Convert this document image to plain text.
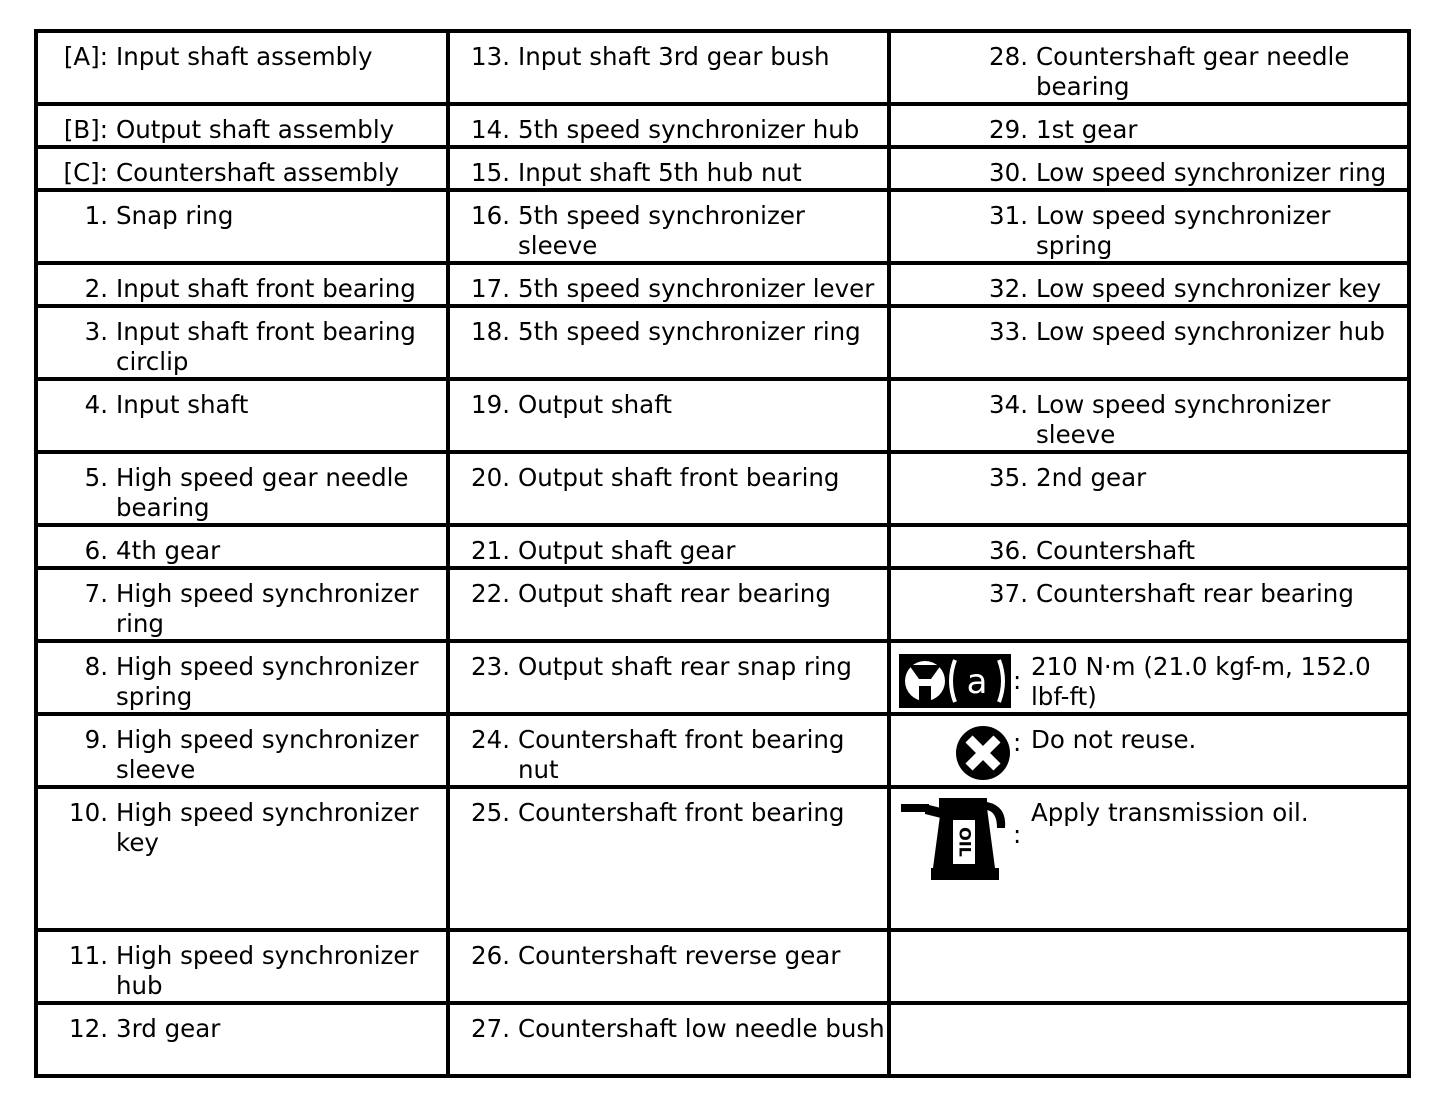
[A]: Input shaft assembly	13. Input shaft 3rd gear bush	28. Countershaft gear needle bearing

[B]: Output shaft assembly	14. 5th speed synchronizer hub	29. 1st gear

[C]: Countershaft assembly	15. Input shaft 5th hub nut	30. Low speed synchronizer ring

1. Snap ring	16. 5th speed synchronizer sleeve	31. Low speed synchronizer spring

2. Input shaft front bearing	17. 5th speed synchronizer lever	32. Low speed synchronizer key

3. Input shaft front bearing circlip	18. 5th speed synchronizer ring	33. Low speed synchronizer hub

4. Input shaft	19. Output shaft	34. Low speed synchronizer sleeve

5. High speed gear needle bearing	20. Output shaft front bearing	35. 2nd gear

6. 4th gear	21. Output shaft gear	36. Countershaft

7. High speed synchronizer ring	22. Output shaft rear bearing	37. Countershaft rear bearing

8. High speed synchronizer spring	23. Output shaft rear snap ring	a : 210 N·m (21.0 kgf-m, 152.0 lbf-ft)

9. High speed synchronizer sleeve	24. Countershaft front bearing nut	: Do not reuse.

10. High speed synchronizer key	25. Countershaft front bearing	OIL :
Apply transmission oil.

11. High speed synchronizer hub	26. Countershaft reverse gear	

12. 3rd gear	27. Countershaft low needle bush	
